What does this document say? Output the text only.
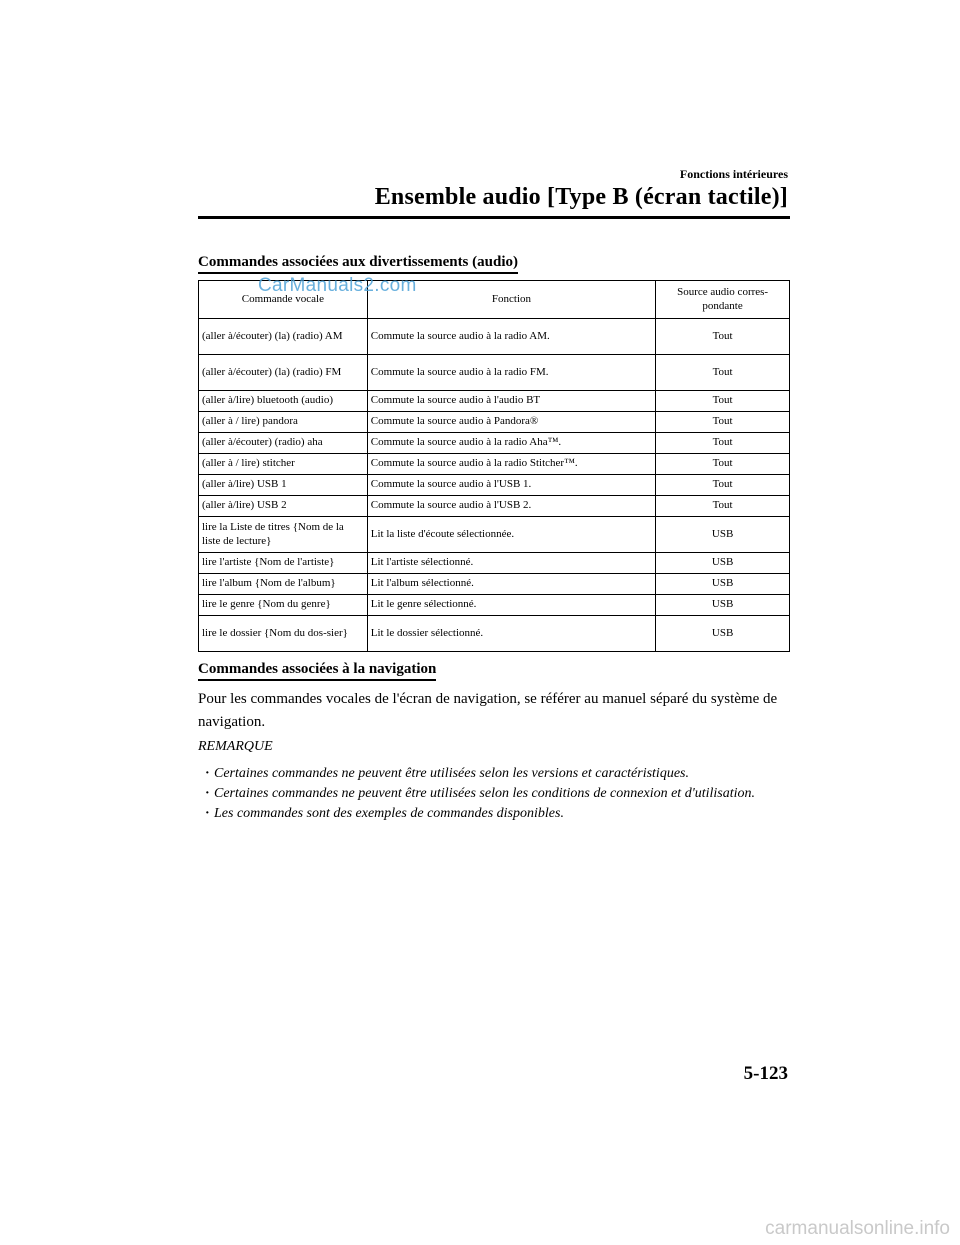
Fonctions intérieures
Ensemble audio [Type B (écran tactile)]
Commandes associées aux divertissements (audio)
Commande vocale	Fonction	Source audio corres-pondante
(aller à/écouter) (la) (radio) AM	Commute la source audio à la radio AM.	Tout
(aller à/écouter) (la) (radio) FM	Commute la source audio à la radio FM.	Tout
(aller à/lire) bluetooth (audio)	Commute la source audio à l'audio BT	Tout
(aller à / lire) pandora	Commute la source audio à Pandora®	Tout
(aller à/écouter) (radio) aha	Commute la source audio à la radio Aha™.	Tout
(aller à / lire) stitcher	Commute la source audio à la radio Stitcher™.	Tout
(aller à/lire) USB 1	Commute la source audio à l'USB 1.	Tout
(aller à/lire) USB 2	Commute la source audio à l'USB 2.	Tout
lire la Liste de titres {Nom de la liste de lecture}	Lit la liste d'écoute sélectionnée.	USB
lire l'artiste {Nom de l'artiste}	Lit l'artiste sélectionné.	USB
lire l'album {Nom de l'album}	Lit l'album sélectionné.	USB
lire le genre {Nom du genre}	Lit le genre sélectionné.	USB
lire le dossier {Nom du dos-sier}	Lit le dossier sélectionné.	USB
CarManuals2.com
Commandes associées à la navigation
Pour les commandes vocales de l'écran de navigation, se référer au manuel séparé du système de navigation.
REMARQUE
· Certaines commandes ne peuvent être utilisées selon les versions et caractéristiques.
· Certaines commandes ne peuvent être utilisées selon les conditions de connexion et d'utilisation.
· Les commandes sont des exemples de commandes disponibles.
5-123
carmanualsonline.info
